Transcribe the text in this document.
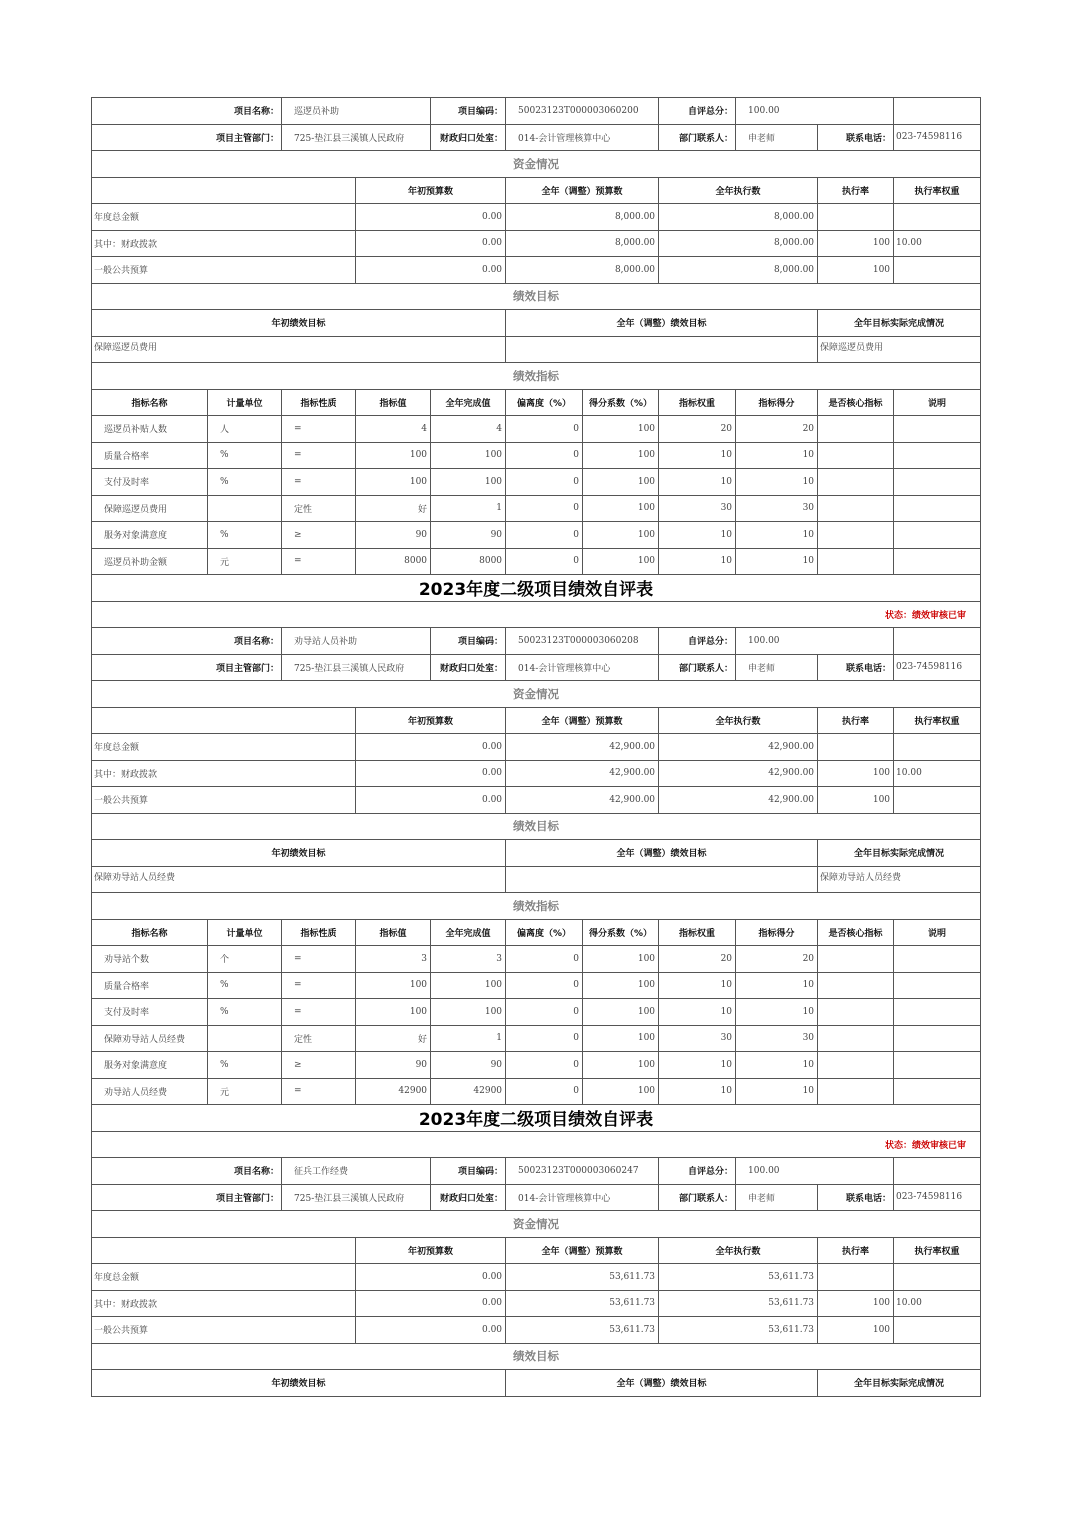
项目名称：		巡逻员补助		项目编码：	50023123T000003060200		自评总分：	100.00			
项目主管部门：		725-垫江县三溪镇人民政府		财政归口处室：	014-会计管理核算中心		部门联系人：	申老师	联系电话：	023-74598116	
资金情况											
			年初预算数		全年（调整）预算数		全年执行数		执行率	执行率权重	
年度总金额			0.00		8,000.00		8,000.00				
其中：财政拨款			0.00		8,000.00		8,000.00		100	10.00	
一般公共预算			0.00		8,000.00		8,000.00		100		
绩效目标											
年初绩效目标					全年（调整）绩效目标				全年目标实际完成情况		
保障巡逻员费用									保障巡逻员费用		
绩效指标											
指标名称	计量单位	指标性质	指标值	全年完成值	偏离度（%）	得分系数（%）	指标权重	指标得分	是否核心指标	说明	
巡逻员补贴人数	人	=	4	4	0	100	20	20			
质量合格率	%	=	100	100	0	100	10	10			
支付及时率	%	=	100	100	0	100	10	10			
保障巡逻员费用		定性	好	1	0	100	30	30			
服务对象满意度	%	≥	90	90	0	100	10	10			
巡逻员补助金额	元	=	8000	8000	0	100	10	10			
2023年度二级项目绩效自评表											
状态：绩效审核已审											
项目名称：		劝导站人员补助		项目编码：	50023123T000003060208		自评总分：	100.00			
项目主管部门：		725-垫江县三溪镇人民政府		财政归口处室：	014-会计管理核算中心		部门联系人：	申老师	联系电话：	023-74598116	
资金情况											
			年初预算数		全年（调整）预算数		全年执行数		执行率	执行率权重	
年度总金额			0.00		42,900.00		42,900.00				
其中：财政拨款			0.00		42,900.00		42,900.00		100	10.00	
一般公共预算			0.00		42,900.00		42,900.00		100		
绩效目标											
年初绩效目标					全年（调整）绩效目标				全年目标实际完成情况		
保障劝导站人员经费									保障劝导站人员经费		
绩效指标											
指标名称	计量单位	指标性质	指标值	全年完成值	偏离度（%）	得分系数（%）	指标权重	指标得分	是否核心指标	说明	
劝导站个数	个	=	3	3	0	100	20	20			
质量合格率	%	=	100	100	0	100	10	10			
支付及时率	%	=	100	100	0	100	10	10			
保障劝导站人员经费		定性	好	1	0	100	30	30			
服务对象满意度	%	≥	90	90	0	100	10	10			
劝导站人员经费	元	=	42900	42900	0	100	10	10			
2023年度二级项目绩效自评表											
状态：绩效审核已审											
项目名称：		征兵工作经费		项目编码：	50023123T000003060247		自评总分：	100.00			
项目主管部门：		725-垫江县三溪镇人民政府		财政归口处室：	014-会计管理核算中心		部门联系人：	申老师	联系电话：	023-74598116	
资金情况											
			年初预算数		全年（调整）预算数		全年执行数		执行率	执行率权重	
年度总金额			0.00		53,611.73		53,611.73				
其中：财政拨款			0.00		53,611.73		53,611.73		100	10.00	
一般公共预算			0.00		53,611.73		53,611.73		100		
绩效目标											
年初绩效目标					全年（调整）绩效目标				全年目标实际完成情况		
